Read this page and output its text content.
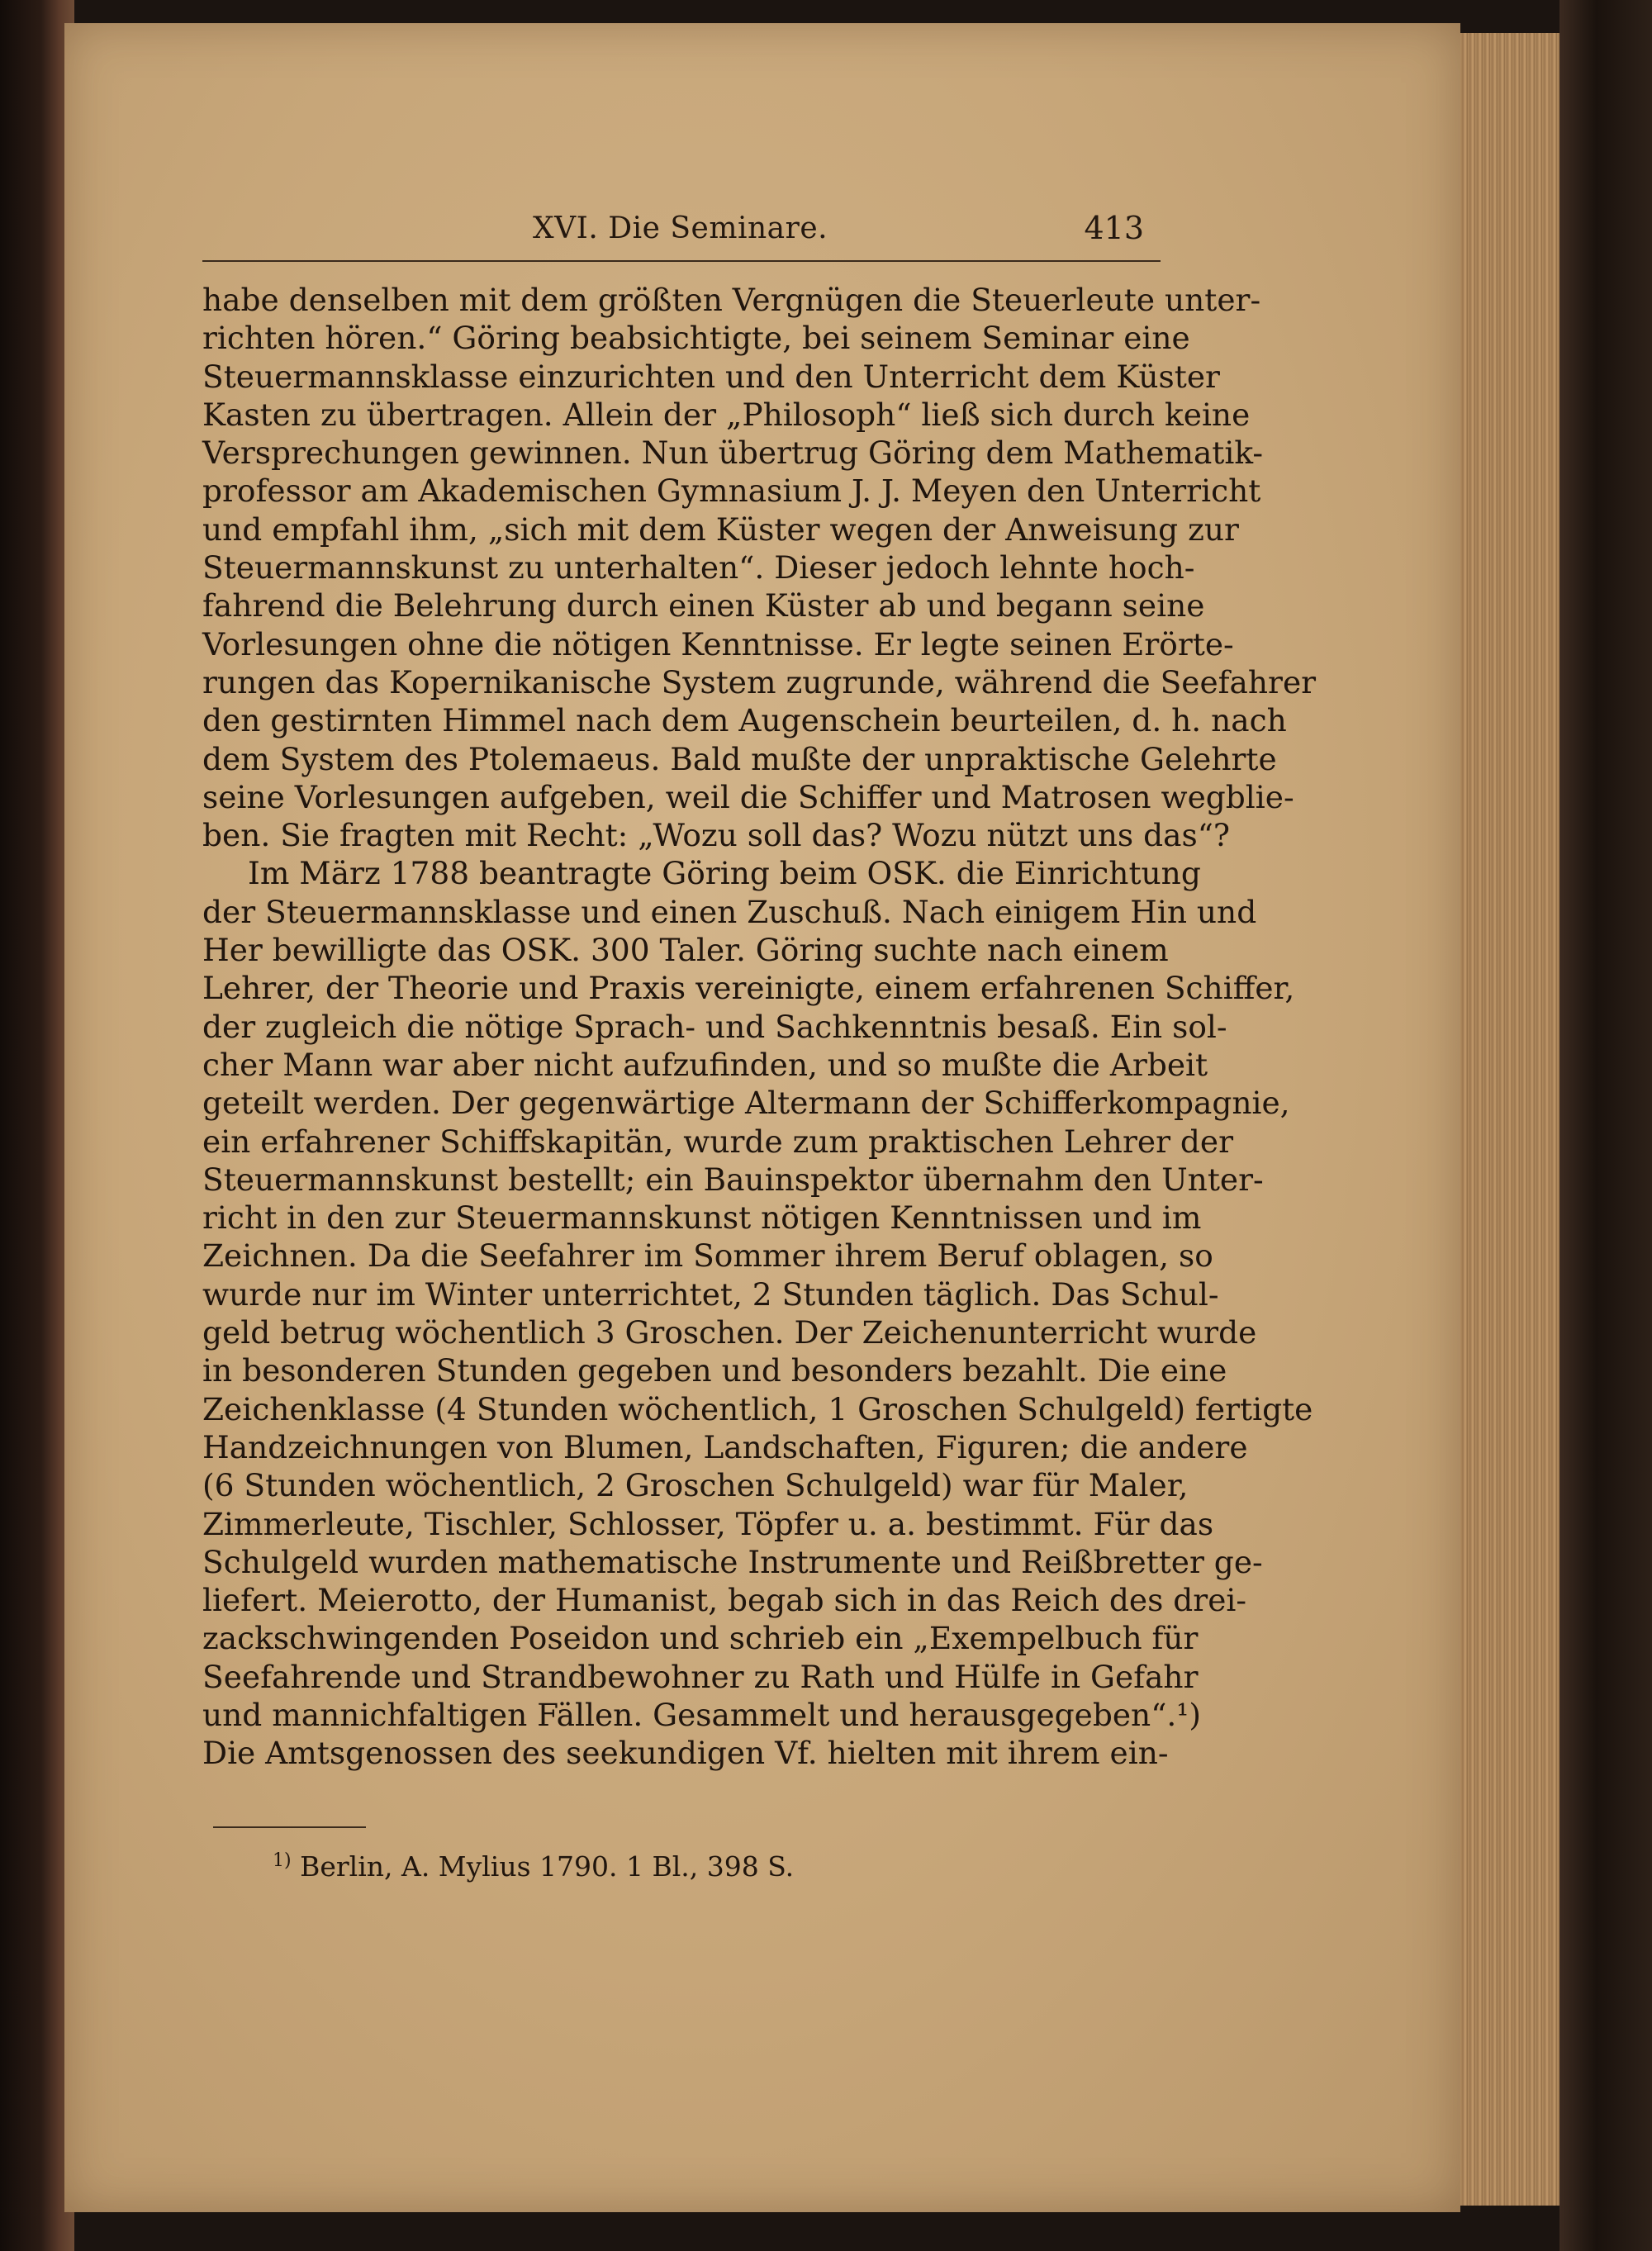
XVI. Die Seminare.	413
habe denselben mit dem größten Vergnügen die Steuerleute unter-
richten hören.“ Göring beabsichtigte, bei seinem Seminar eine
Steuermannsklasse einzurichten und den Unterricht dem Küster
Kasten zu übertragen. Allein der „Philosoph“ ließ sich durch keine
Versprechungen gewinnen. Nun übertrug Göring dem Mathematik-
professor am Akademischen Gymnasium J. J. Meyen den Unterricht
und empfahl ihm, „sich mit dem Küster wegen der Anweisung zur
Steuermannskunst zu unterhalten“. Dieser jedoch lehnte hoch-
fahrend die Belehrung durch einen Küster ab und begann seine
Vorlesungen ohne die nötigen Kenntnisse. Er legte seinen Erörte-
rungen das Kopernikanische System zugrunde, während die Seefahrer
den gestirnten Himmel nach dem Augenschein beurteilen, d. h. nach
dem System des Ptolemaeus. Bald mußte der unpraktische Gelehrte
seine Vorlesungen aufgeben, weil die Schiffer und Matrosen wegblie-
ben. Sie fragten mit Recht: „Wozu soll das? Wozu nützt uns das“?
Im März 1788 beantragte Göring beim OSK. die Einrichtung
der Steuermannsklasse und einen Zuschuß. Nach einigem Hin und
Her bewilligte das OSK. 300 Taler. Göring suchte nach einem
Lehrer, der Theorie und Praxis vereinigte, einem erfahrenen Schiffer,
der zugleich die nötige Sprach- und Sachkenntnis besaß. Ein sol-
cher Mann war aber nicht aufzufinden, und so mußte die Arbeit
geteilt werden. Der gegenwärtige Altermann der Schifferkompagnie,
ein erfahrener Schiffskapitän, wurde zum praktischen Lehrer der
Steuermannskunst bestellt; ein Bauinspektor übernahm den Unter-
richt in den zur Steuermannskunst nötigen Kenntnissen und im
Zeichnen. Da die Seefahrer im Sommer ihrem Beruf oblagen, so
wurde nur im Winter unterrichtet, 2 Stunden täglich. Das Schul-
geld betrug wöchentlich 3 Groschen. Der Zeichenunterricht wurde
in besonderen Stunden gegeben und besonders bezahlt. Die eine
Zeichenklasse (4 Stunden wöchentlich, 1 Groschen Schulgeld) fertigte
Handzeichnungen von Blumen, Landschaften, Figuren; die andere
(6 Stunden wöchentlich, 2 Groschen Schulgeld) war für Maler,
Zimmerleute, Tischler, Schlosser, Töpfer u. a. bestimmt. Für das
Schulgeld wurden mathematische Instrumente und Reißbretter ge-
liefert. Meierotto, der Humanist, begab sich in das Reich des drei-
zackschwingenden Poseidon und schrieb ein „Exempelbuch für
Seefahrende und Strandbewohner zu Rath und Hülfe in Gefahr
und mannichfaltigen Fällen. Gesammelt und herausgegeben“.¹)
Die Amtsgenossen des seekundigen Vf. hielten mit ihrem ein-
$^{1)}$ Berlin, A. Mylius 1790. 1 Bl., 398 S.
